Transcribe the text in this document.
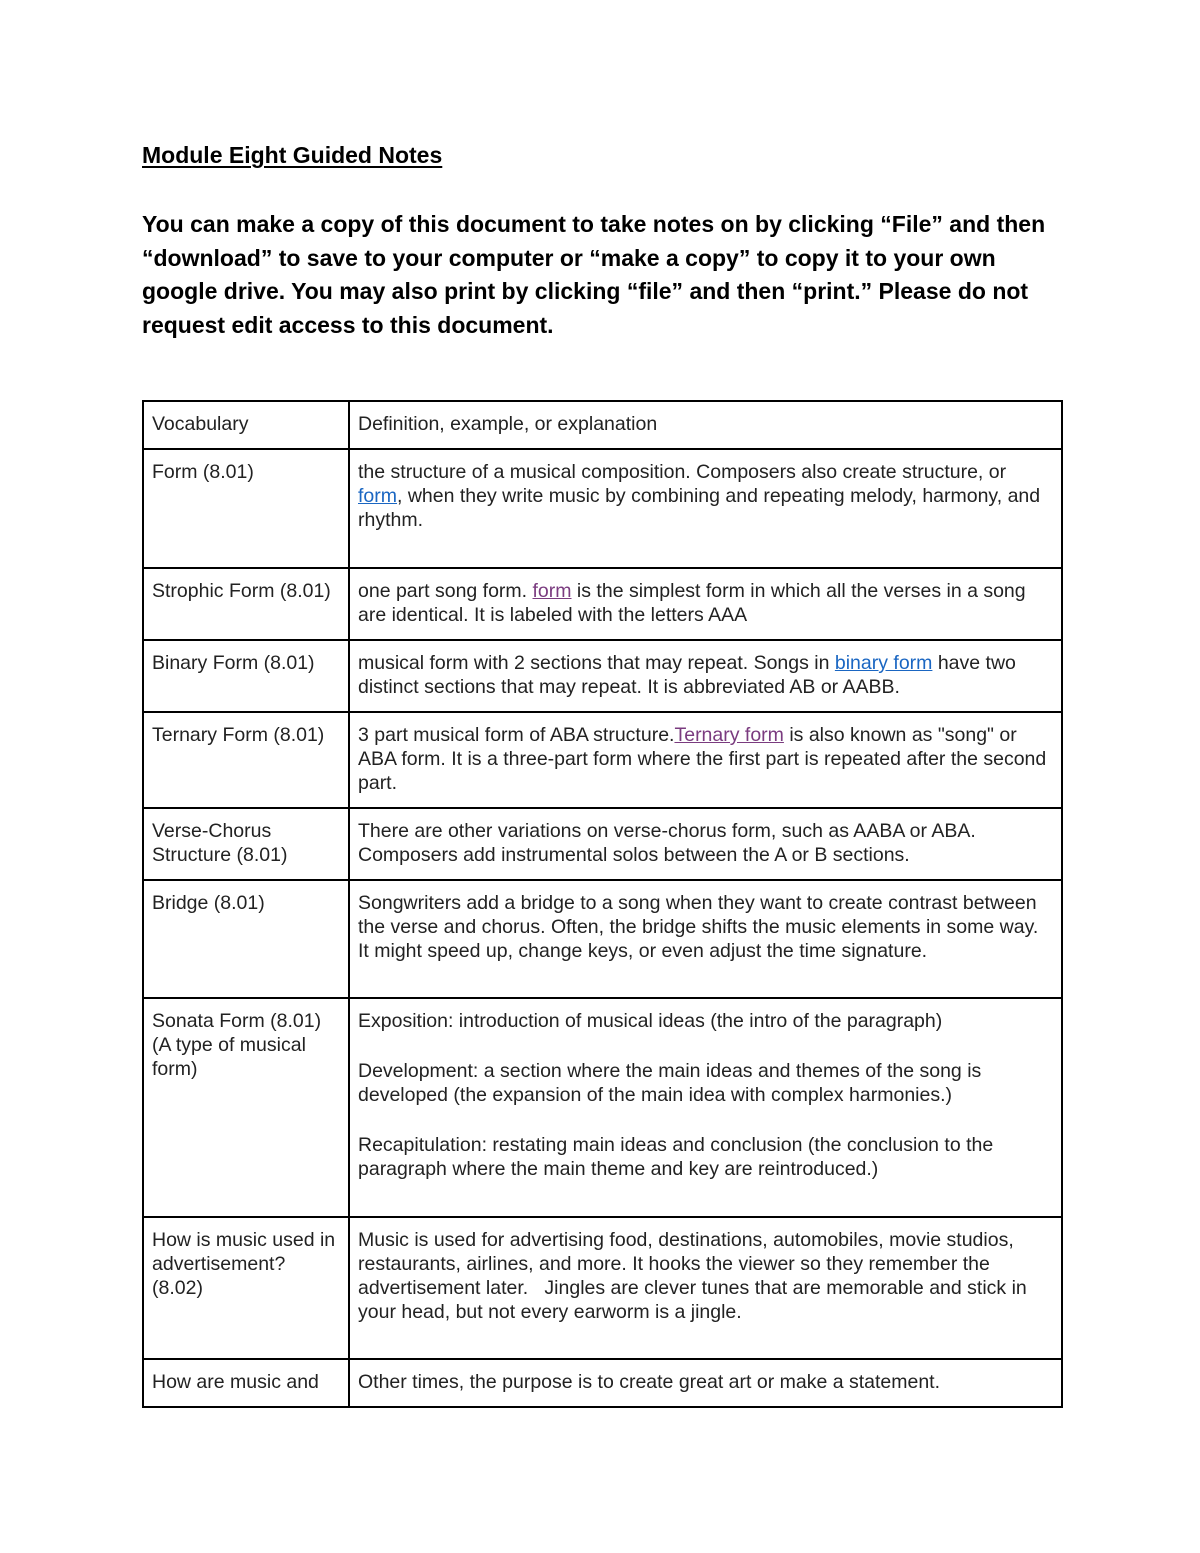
Module Eight Guided Notes

You can make a copy of this document to take notes on by clicking “File” and then “download” to save to your computer or “make a copy” to copy it to your own google drive. You may also print by clicking “file” and then “print.” Please do not request edit access to this document.

Vocabulary	Definition, example, or explanation
Form (8.01)	the structure of a musical composition. Composers also create structure, or form, when they write music by combining and repeating melody, harmony, and rhythm.
Strophic Form (8.01)	one part song form. form is the simplest form in which all the verses in a song are identical. It is labeled with the letters AAA
Binary Form (8.01)	musical form with 2 sections that may repeat. Songs in binary form have two distinct sections that may repeat. It is abbreviated AB or AABB.
Ternary Form (8.01)	3 part musical form of ABA structure.Ternary form is also known as "song" or ABA form. It is a three-part form where the first part is repeated after the second part.
Verse-Chorus Structure (8.01)	There are other variations on verse-chorus form, such as AABA or ABA. Composers add instrumental solos between the A or B sections.
Bridge (8.01)	Songwriters add a bridge to a song when they want to create contrast between the verse and chorus. Often, the bridge shifts the music elements in some way. It might speed up, change keys, or even adjust the time signature.

Sonata Form (8.01)
(A type of musical form)	Exposition: introduction of musical ideas (the intro of the paragraph)
Development: a section where the main ideas and themes of the song is developed (the expansion of the main idea with complex harmonies.)
Recapitulation: restating main ideas and conclusion (the conclusion to the paragraph where the main theme and key are reintroduced.)

How is music used in advertisement? (8.02)	Music is used for advertising food, destinations, automobiles, movie studios, restaurants, airlines, and more. It hooks the viewer so they remember the advertisement later.   Jingles are clever tunes that are memorable and stick in your head, but not every earworm is a jingle.
How are music and	Other times, the purpose is to create great art or make a statement.
